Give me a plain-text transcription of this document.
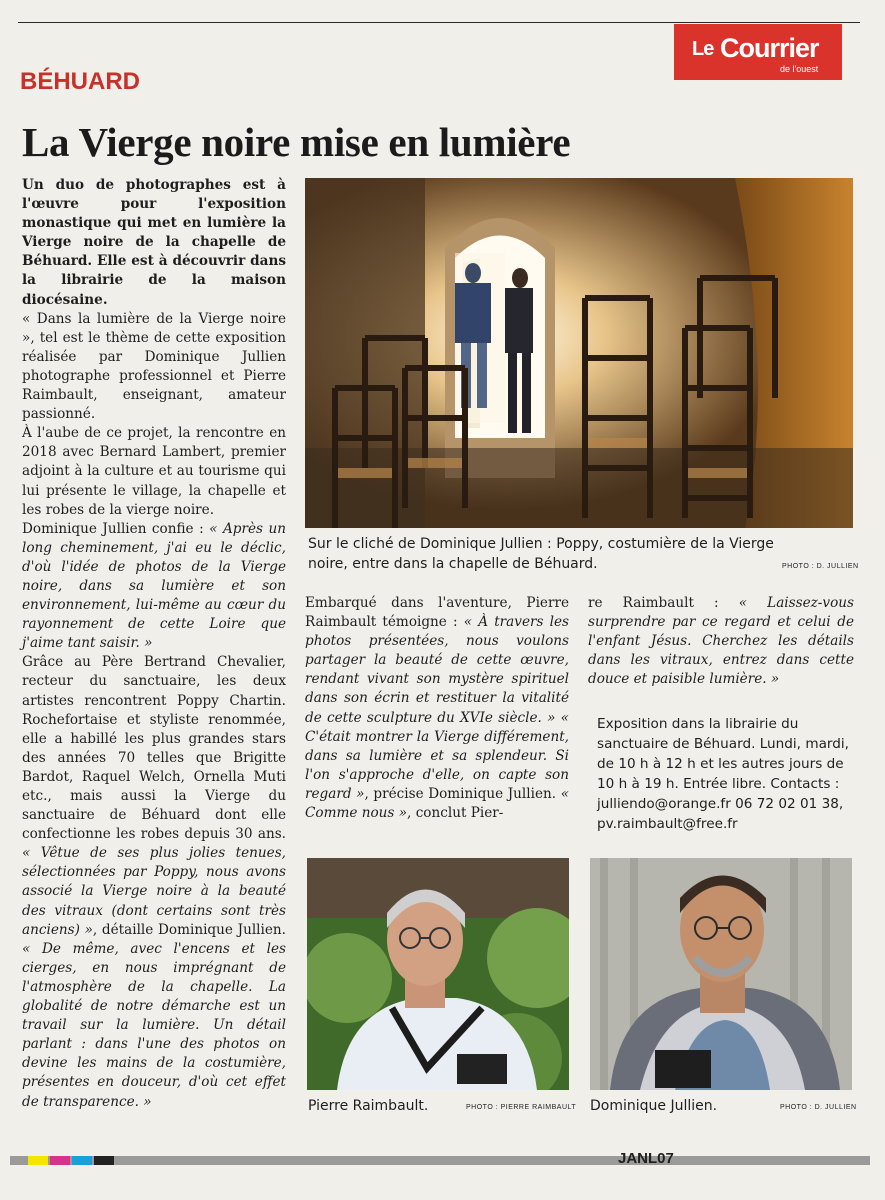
Le Courrier
de l'ouest
BÉHUARD
La Vierge noire mise en lumière

Un duo de photographes est à l'œuvre pour l'exposition monastique qui met en lumière la Vierge noire de la chapelle de Béhuard. Elle est à découvrir dans la librairie de la maison diocésaine.

« Dans la lumière de la Vierge noire », tel est le thème de cette exposition réalisée par Dominique Jullien photographe professionnel et Pierre Raimbault, enseignant, amateur passionné.

À l'aube de ce projet, la rencontre en 2018 avec Bernard Lambert, premier adjoint à la culture et au tourisme qui lui présente le village, la chapelle et les robes de la vierge noire.

Dominique Jullien confie : « Après un long cheminement, j'ai eu le déclic, d'où l'idée de photos de la Vierge noire, dans sa lumière et son environnement, lui-même au cœur du rayonnement de cette Loire que j'aime tant saisir. »

Grâce au Père Bertrand Chevalier, recteur du sanctuaire, les deux artistes rencontrent Poppy Chartin. Rochefortaise et styliste renommée, elle a habillé les plus grandes stars des années 70 telles que Brigitte Bardot, Raquel Welch, Ornella Muti etc., mais aussi la Vierge du sanctuaire de Béhuard dont elle confectionne les robes depuis 30 ans. « Vêtue de ses plus jolies tenues, sélectionnées par Poppy, nous avons associé la Vierge noire à la beauté des vitraux (dont certains sont très anciens) », détaille Dominique Jullien. « De même, avec l'encens et les cierges, en nous imprégnant de l'atmosphère de la chapelle. La globalité de notre démarche est un travail sur la lumière. Un détail parlant : dans l'une des photos on devine les mains de la costumière, présentes en douceur, d'où cet effet de transparence. »

Sur le cliché de Dominique Jullien : Poppy, costumière de la Vierge noire, entre dans la chapelle de Béhuard.	PHOTO : D. JULLIEN

Embarqué dans l'aventure, Pierre Raimbault témoigne : « À travers les photos présentées, nous voulons partager la beauté de cette œuvre, rendant vivant son mystère spirituel dans son écrin et restituer la vitalité de cette sculpture du XVIe siècle. » « C'était montrer la Vierge différement, dans sa lumière et sa splendeur. Si l'on s'approche d'elle, on capte son regard », précise Dominique Jullien. « Comme nous », conclut Pier-

re Raimbault : « Laissez-vous surprendre par ce regard et celui de l'enfant Jésus. Cherchez les détails dans les vitraux, entrez dans cette douce et paisible lumière. »

Exposition dans la librairie du sanctuaire de Béhuard. Lundi, mardi, de 10 h à 12 h et les autres jours de 10 h à 19 h. Entrée libre. Contacts : julliendo@orange.fr 06 72 02 01 38, pv.raimbault@free.fr
Pierre Raimbault.	PHOTO : PIERRE RAIMBAULT Dominique Jullien.	PHOTO : D. JULLIEN
JANL07
